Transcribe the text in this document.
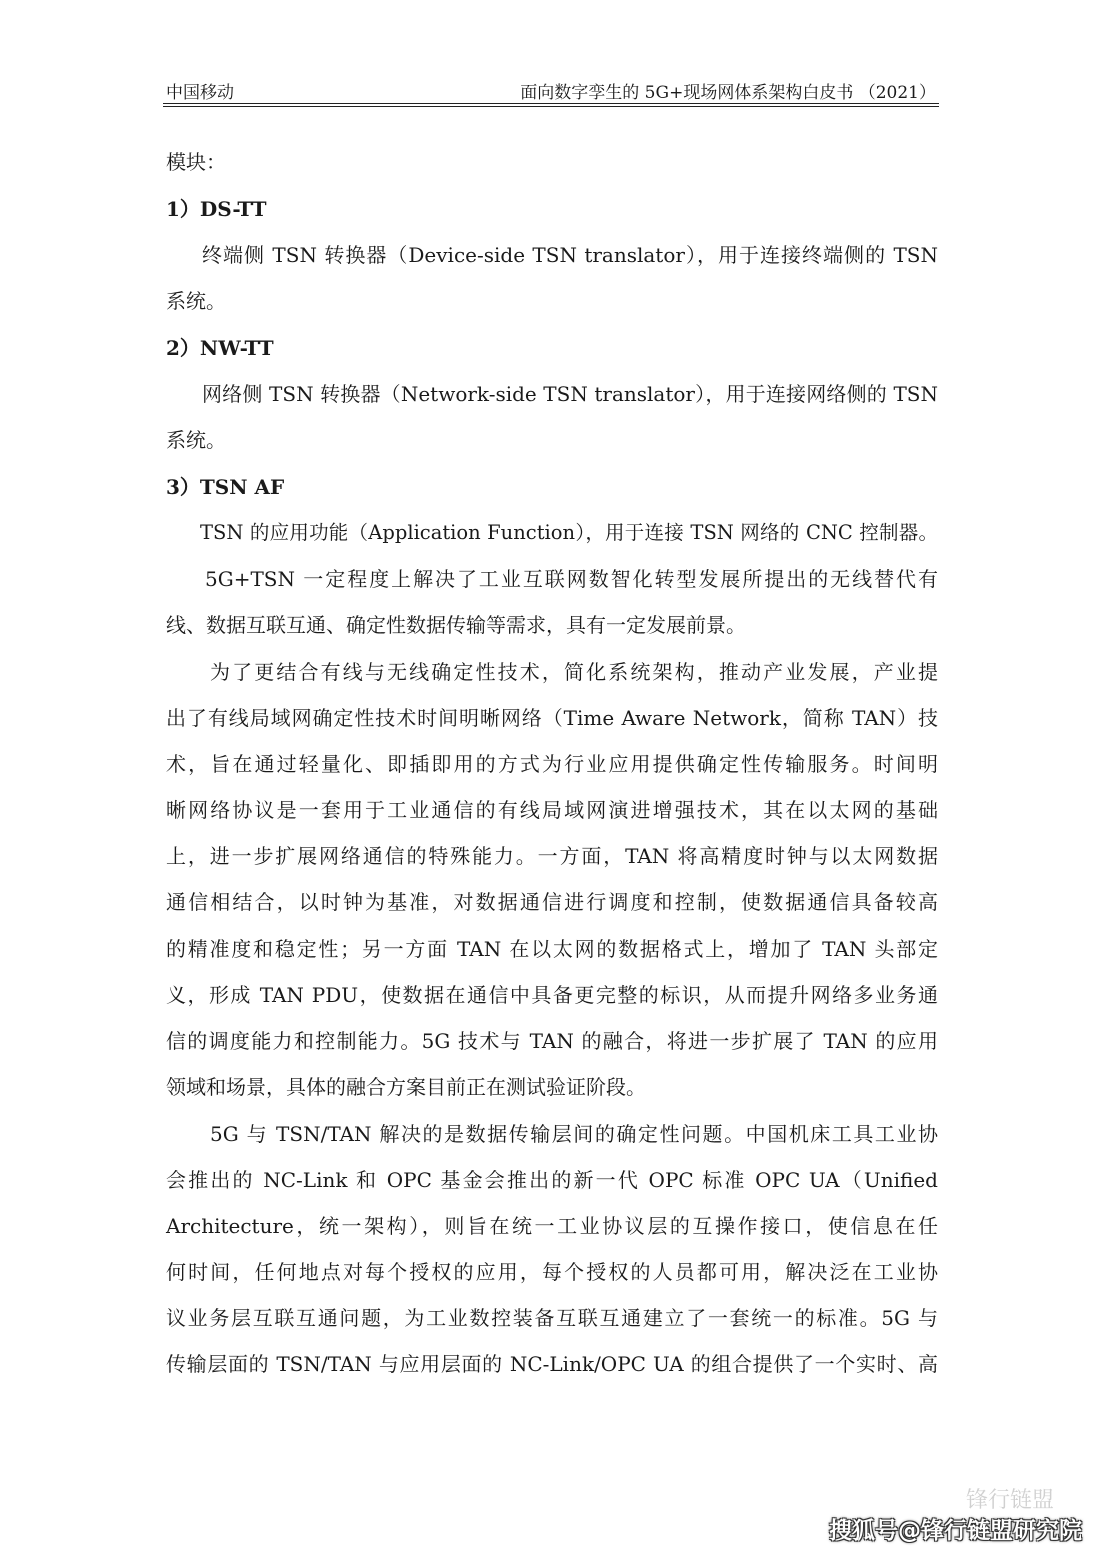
中国移动	面向数字孪生的 5G+现场网体系架构白皮书 （2021）
模块：
1）DS-TT
终端侧 TSN 转换器（Device-side TSN translator），用于连接终端侧的 TSN
系统。
2）NW-TT
网络侧 TSN 转换器（Network-side TSN translator），用于连接网络侧的 TSN
系统。
3）TSN AF
TSN 的应用功能（Application Function），用于连接 TSN 网络的 CNC 控制器。
5G+TSN 一定程度上解决了工业互联网数智化转型发展所提出的无线替代有
线、数据互联互通、确定性数据传输等需求，具有一定发展前景。
为了更结合有线与无线确定性技术，简化系统架构，推动产业发展，产业提
出了有线局域网确定性技术时间明晰网络（Time Aware Network，简称 TAN）技
术，旨在通过轻量化、即插即用的方式为行业应用提供确定性传输服务。时间明
晰网络协议是一套用于工业通信的有线局域网演进增强技术，其在以太网的基础
上，进一步扩展网络通信的特殊能力。一方面，TAN 将高精度时钟与以太网数据
通信相结合，以时钟为基准，对数据通信进行调度和控制，使数据通信具备较高
的精准度和稳定性；另一方面 TAN 在以太网的数据格式上，增加了 TAN 头部定
义，形成 TAN PDU，使数据在通信中具备更完整的标识，从而提升网络多业务通
信的调度能力和控制能力。5G 技术与 TAN 的融合，将进一步扩展了 TAN 的应用
领域和场景，具体的融合方案目前正在测试验证阶段。
5G 与 TSN/TAN 解决的是数据传输层间的确定性问题。中国机床工具工业协
会推出的 NC-Link 和 OPC 基金会推出的新一代 OPC 标准 OPC UA（Unified
Architecture，统一架构），则旨在统一工业协议层的互操作接口，使信息在任
何时间，任何地点对每个授权的应用，每个授权的人员都可用，解决泛在工业协
议业务层互联互通问题，为工业数控装备互联互通建立了一套统一的标准。5G 与
传输层面的 TSN/TAN 与应用层面的 NC-Link/OPC UA 的组合提供了一个实时、高
锋行链盟
搜狐号@锋行链盟研究院
